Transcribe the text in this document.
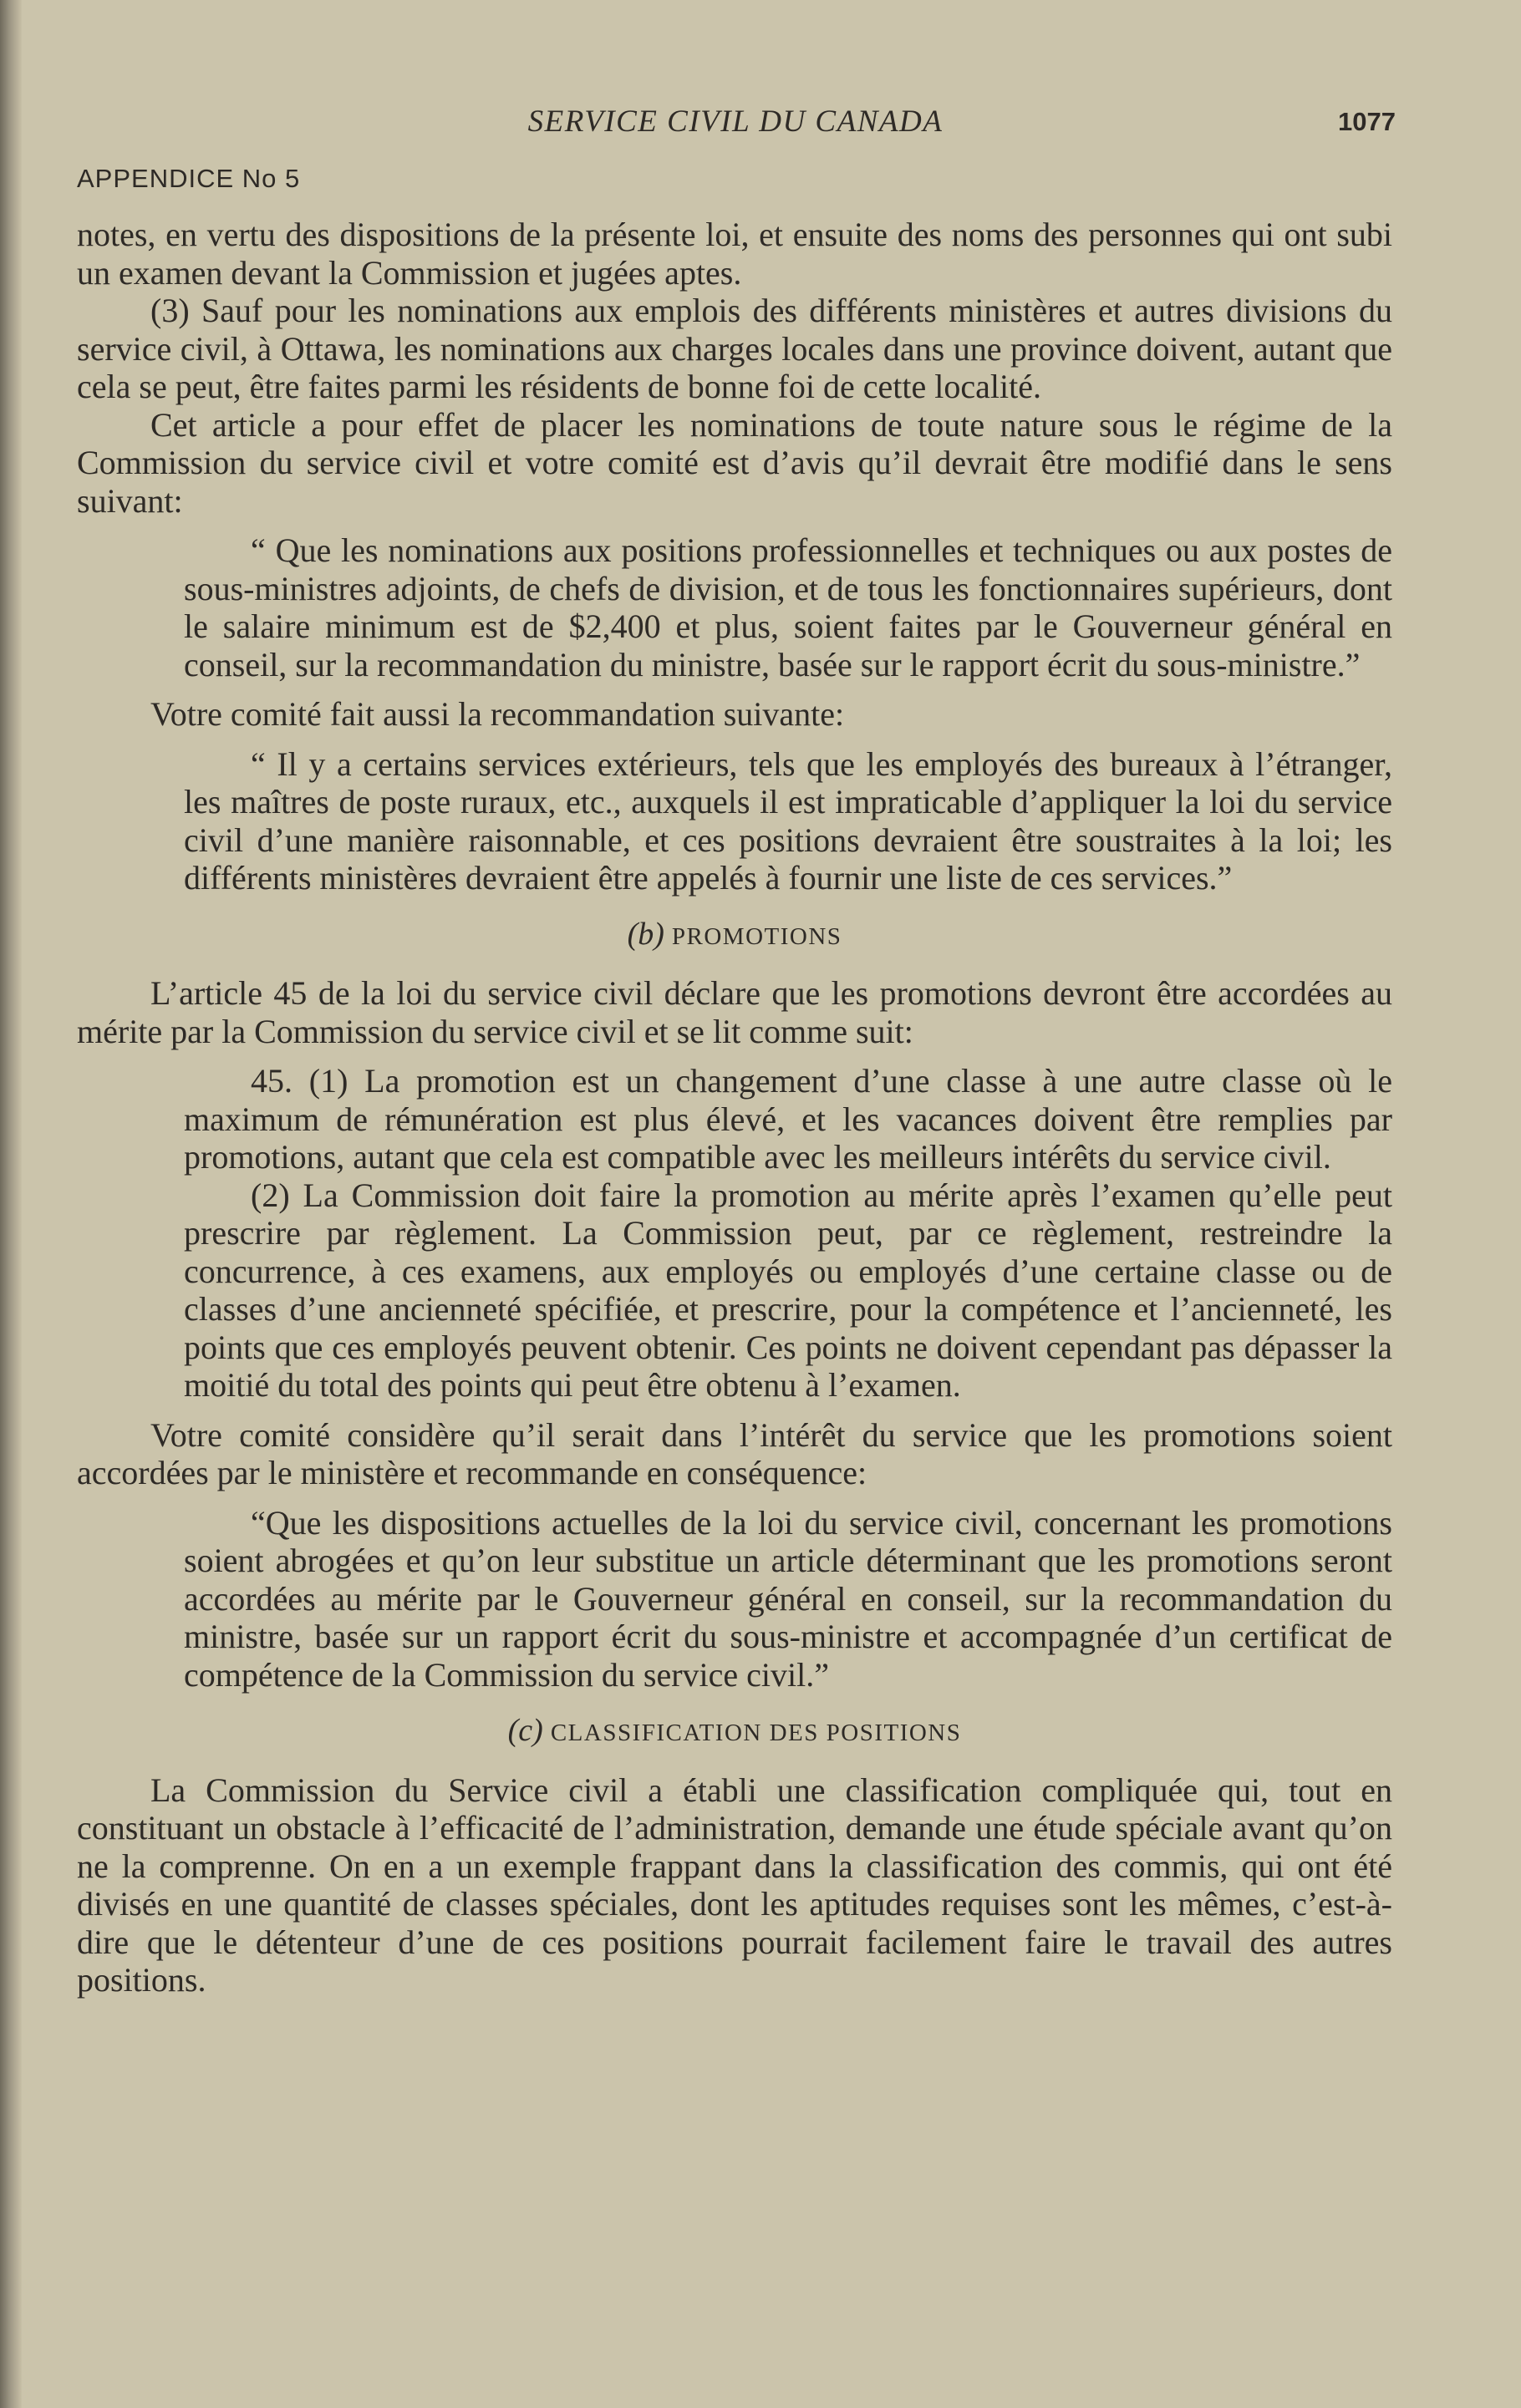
SERVICE CIVIL DU CANADA	1077
APPENDICE No 5

notes, en vertu des dispositions de la présente loi, et ensuite des noms des personnes qui ont subi un examen devant la Commission et jugées aptes.

(3) Sauf pour les nominations aux emplois des différents ministères et autres divisions du service civil, à Ottawa, les nominations aux charges locales dans une province doivent, autant que cela se peut, être faites parmi les résidents de bonne foi de cette localité.

Cet article a pour effet de placer les nominations de toute nature sous le régime de la Commission du service civil et votre comité est d’avis qu’il devrait être modifié dans le sens suivant:

“ Que les nominations aux positions professionnelles et techniques ou aux postes de sous-ministres adjoints, de chefs de division, et de tous les fonctionnaires supérieurs, dont le salaire minimum est de $2,400 et plus, soient faites par le Gouverneur général en conseil, sur la recommandation du ministre, basée sur le rapport écrit du sous-ministre.”

Votre comité fait aussi la recommandation suivante:

“ Il y a certains services extérieurs, tels que les employés des bureaux à l’étranger, les maîtres de poste ruraux, etc., auxquels il est impraticable d’appliquer la loi du service civil d’une manière raisonnable, et ces positions devraient être soustraites à la loi; les différents ministères devraient être appelés à fournir une liste de ces services.”

(b) PROMOTIONS

L’article 45 de la loi du service civil déclare que les promotions devront être accordées au mérite par la Commission du service civil et se lit comme suit:

45. (1) La promotion est un changement d’une classe à une autre classe où le maximum de rémunération est plus élevé, et les vacances doivent être remplies par promotions, autant que cela est compatible avec les meilleurs intérêts du service civil.
(2) La Commission doit faire la promotion au mérite après l’examen qu’elle peut prescrire par règlement. La Commission peut, par ce règlement, restreindre la concurrence, à ces examens, aux employés ou employés d’une certaine classe ou de classes d’une ancienneté spécifiée, et prescrire, pour la compétence et l’ancienneté, les points que ces employés peuvent obtenir. Ces points ne doivent cependant pas dépasser la moitié du total des points qui peut être obtenu à l’examen.

Votre comité considère qu’il serait dans l’intérêt du service que les promotions soient accordées par le ministère et recommande en conséquence:

“Que les dispositions actuelles de la loi du service civil, concernant les promotions soient abrogées et qu’on leur substitue un article déterminant que les promotions seront accordées au mérite par le Gouverneur général en conseil, sur la recommandation du ministre, basée sur un rapport écrit du sous-ministre et accompagnée d’un certificat de compétence de la Commission du service civil.”

(c) CLASSIFICATION DES POSITIONS

La Commission du Service civil a établi une classification compliquée qui, tout en constituant un obstacle à l’efficacité de l’administration, demande une étude spéciale avant qu’on ne la comprenne. On en a un exemple frappant dans la classification des commis, qui ont été divisés en une quantité de classes spéciales, dont les aptitudes requises sont les mêmes, c’est-à-dire que le détenteur d’une de ces positions pourrait facilement faire le travail des autres positions.
